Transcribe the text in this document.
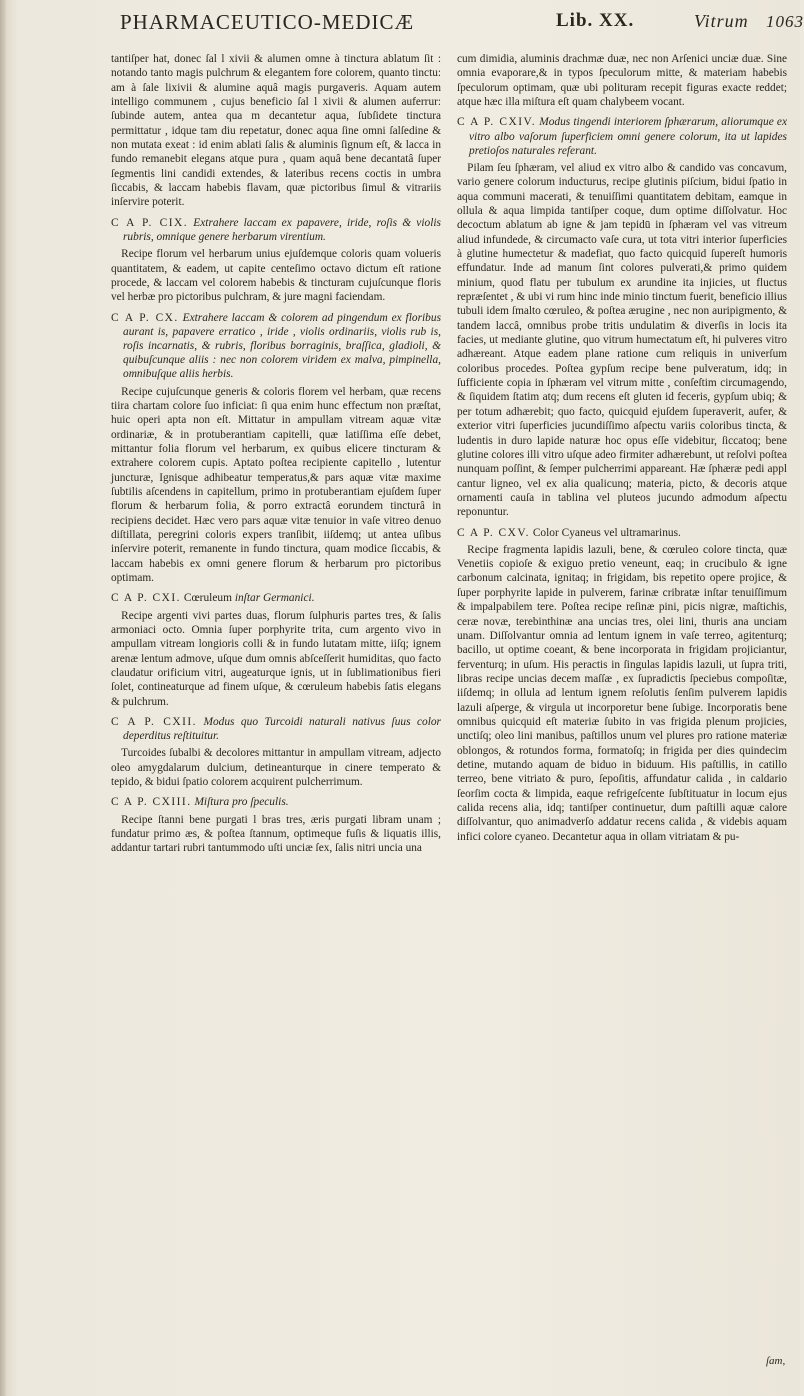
PHARMACEUTICO-MEDICÆ	Lib. XX.	Vitrum 1063

tantiſper hat, donec ſal l xivii & alumen omne à tinctura ablatum ſit : notando tanto magis pulchrum & elegantem fore colorem, quanto tinctu: am à ſale lixivii & alumine aquâ magis purgaveris. Aquam autem intelligo communem , cujus beneficio ſal l xivii & alumen auferrur: ſubinde autem, antea qua m decantetur aqua, ſubſidete tinctura permittatur , idque tam diu repetatur, donec aqua ſine omni ſalſedine & non mutata exeat : id enim ablati ſalis & aluminis ſignum eſt, & lacca in fundo remanebit elegans atque pura , quam aquâ bene decantatâ ſuper ſegmentis lini candidi extendes, & lateribus recens coctis in umbra ſiccabis, & laccam habebis flavam, quæ pictoribus ſimul & vitrariis inſervire poterit.

C A P. CIX. Extrahere laccam ex papavere, iride, roſis & violis rubris, omnique genere herbarum virentium.

Recipe florum vel herbarum unius ejuſdemque coloris quam volueris quantitatem, & eadem, ut capite centeſimo octavo dictum eſt ratione procede, & laccam vel colorem habebis & tincturam cujuſcunque floris vel herbæ pro pictoribus pulchram, & jure magni faciendam.

C A P. CX. Extrahere laccam & colorem ad pingendum ex floribus aurant is, papavere erratico , iride , violis ordinariis, violis rub is, roſis incarnatis, & rubris, floribus borraginis, braſſica, gladioli, & quibuſcunque aliis : nec non colorem viridem ex malva, pimpinella, omnibuſque aliis herbis.

Recipe cujuſcunque generis & coloris florem vel herbam, quæ recens tiira chartam colore ſuo inficiat: ſi qua enim hunc effectum non præſtat, huic operi apta non eſt. Mittatur in ampullam vitream aquæ vitæ ordinariæ, & in protuberantiam capitelli, quæ latiſſima eſſe debet, mittantur folia florum vel herbarum, ex quibus elicere tincturam & extrahere colorem cupis. Aptato poſtea recipiente capitello , lutentur juncturæ, Ignisque adhibeatur temperatus,& pars aquæ vitæ maxime ſubtilis aſcendens in capitellum, primo in protuberantiam ejuſdem ſuper florum & herbarum folia, & porro extractâ eorundem tincturâ in recipiens decidet. Hæc vero pars aquæ vitæ tenuior in vaſe vitreo denuo diſtillata, peregrini coloris expers tranſibit, iiſdemq; ut antea uſibus inſervire poterit, remanente in fundo tinctura, quam modice ſiccabis, & laccam habebis ex omni genere florum & herbarum pro pictoribus optimam.

C A P. CXI. Cœruleum inſtar Germanici.

Recipe argenti vivi partes duas, florum ſulphuris partes tres, & ſalis armoniaci octo. Omnia ſuper porphyrite trita, cum argento vivo in ampullam vitream longioris colli & in fundo lutatam mitte, iiſq; ignem arenæ lentum admove, uſque dum omnis abſceſſerit humiditas, quo facto claudatur orificium vitri, augeaturque ignis, ut in ſublimationibus fieri ſolet, contineaturque ad finem uſque, & cœruleum habebis ſatis elegans & pulchrum.

C A P. CXII. Modus quo Turcoidi naturali nativus ſuus color deperditus reſtituitur.

Turcoides ſubalbi & decolores mittantur in ampullam vitream, adjecto oleo amygdalarum dulcium, detineanturque in cinere temperato & tepido, & bidui ſpatio colorem acquirent pulcherrimum.

C A P. CXIII. Miſtura pro ſpeculis.

Recipe ſtanni bene purgati l bras tres, æris purgati libram unam ; fundatur primo æs, & poſtea ſtannum, optimeque fuſis & liquatis illis, addantur tartari rubri tantummodo uſti unciæ ſex, ſalis nitri uncia una

cum dimidia, aluminis drachmæ duæ, nec non Arſenici unciæ duæ. Sine omnia evaporare,& in typos ſpeculorum mitte, & materiam habebis ſpeculorum optimam, quæ ubi polituram recepit figuras exacte reddet; atque hæc illa miſtura eſt quam chalybeem vocant.

C A P. CXIV. Modus tingendi interiorem ſphærarum, aliorumque ex vitro albo vaſorum ſuperficiem omni genere colorum, ita ut lapides pretioſos naturales referant.

Pilam ſeu ſphæram, vel aliud ex vitro albo & candido vas concavum, vario genere colorum inducturus, recipe glutinis piſcium, bidui ſpatio in aqua communi macerati, & tenuiſſimi quantitatem debitam, eamque in ollula & aqua limpida tantiſper coque, dum optime diſſolvatur. Hoc decoctum ablatum ab igne & jam tepidū in ſphæram vel vas vitreum aliud infundede, & circumacto vaſe cura, ut tota vitri interior ſuperficies à glutine humectetur & madefiat, quo facto quicquid ſupereſt humoris effundatur. Inde ad manum ſint colores pulverati,& primo quidem minium, quod flatu per tubulum ex arundine ita injicies, ut fluctus repræſentet , & ubi vi rum hinc inde minio tinctum fuerit, beneficio illius tubuli idem ſmalto cœruleo, & poſtea ærugine , nec non auripigmento, & tandem laccâ, omnibus probe tritis undulatim & diverſis in locis ita facies, ut mediante glutine, quo vitrum humectatum eſt, hi pulveres vitro adhæreant. Atque eadem plane ratione cum reliquis in univerſum coloribus procedes. Poſtea gypſum recipe bene pulveratum, idq; in ſufficiente copia in ſphæram vel vitrum mitte , conſeſtim circumagendo, & ſiquidem ſtatim atq; dum recens eſt gluten id feceris, gypſum ubiq; & per totum adhærebit; quo facto, quicquid ejuſdem ſuperaverit, aufer, & exterior vitri ſuperficies jucundiſſimo aſpectu variis coloribus tincta, & ludentis in duro lapide naturæ hoc opus eſſe videbitur, ſiccatoq; bene glutine colores illi vitro uſque adeo firmiter adhærebunt, ut reſolvi poſtea nunquam poſſint, & ſemper pulcherrimi appareant. Hæ ſphæræ pedi appl cantur ligneo, vel ex alia qualicunq; materia, picto, & decoris atque ornamenti cauſa in tablina vel pluteos jucundo admodum aſpectu reponuntur.

C A P. CXV. Color Cyaneus vel ultramarinus.

Recipe fragmenta lapidis lazuli, bene, & cœruleo colore tincta, quæ Venetiis copioſe & exiguo pretio veneunt, eaq; in crucibulo & igne carbonum calcinata, ignitaq; in frigidam, bis repetito opere projice, & ſuper porphyrite lapide in pulverem, farinæ cribratæ inſtar tenuiſſimum & impalpabilem tere. Poſtea recipe reſinæ pini, picis nigræ, maſtichis, ceræ novæ, terebinthinæ ana uncias tres, olei lini, thuris ana unciam unam. Diſſolvantur omnia ad lentum ignem in vaſe terreo, agitenturq; bacillo, ut optime coeant, & bene incorporata in frigidam projiciantur, ferventurq; in uſum. His peractis in ſingulas lapidis lazuli, ut ſupra triti, libras recipe uncias decem maſſæ , ex ſupradictis ſpeciebus compoſitæ, iiſdemq; in ollula ad lentum ignem reſolutis ſenſim pulverem lapidis lazuli aſperge, & virgula ut incorporetur bene ſubige. Incorporatis bene omnibus quicquid eſt materiæ ſubito in vas frigida plenum projicies, unctiſq; oleo lini manibus, paſtillos unum vel plures pro ratione materiæ oblongos, & rotundos forma, formatoſq; in frigida per dies quindecim detine, mutando aquam de biduo in biduum. His paſtillis, in catillo terreo, bene vitriato & puro, ſepoſitis, affundatur calida , in caldario ſeorſim cocta & limpida, eaque refrigeſcente ſubſtituatur in locum ejus calida recens alia, idq; tantiſper continuetur, dum paſtilli aquæ calore diſſolvantur, quo animadverſo addatur recens calida , & videbis aquam infici colore cyaneo. Decantetur aqua in ollam vitriatam & pu-

ſam,
